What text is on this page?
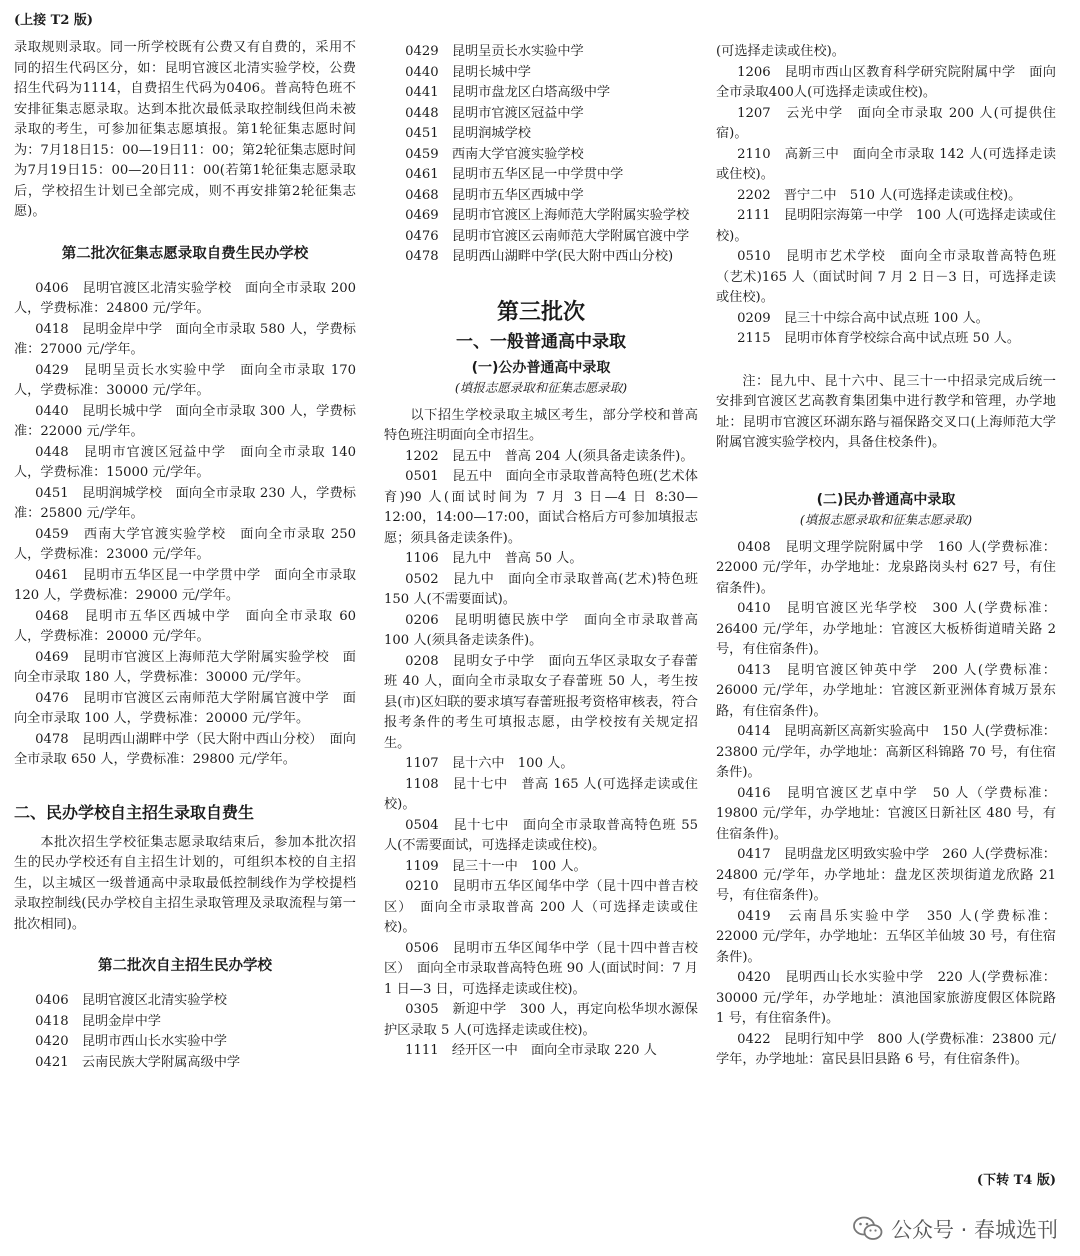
(上接 T2 版)

录取规则录取。同一所学校既有公费又有自费的，采用不同的招生代码区分，如：昆明官渡区北清实验学校，公费招生代码为1114，自费招生代码为0406。普高特色班不安排征集志愿录取。达到本批次最低录取控制线但尚未被录取的考生，可参加征集志愿填报。第1轮征集志愿时间为：7月18日15：00—19日11：00；第2轮征集志愿时间为7月19日15：00—20日11：00(若第1轮征集志愿录取后，学校招生计划已全部完成，则不再安排第2轮征集志愿)。

第二批次征集志愿录取自费生民办学校

0406　昆明官渡区北清实验学校　面向全市录取 200 人，学费标准：24800 元/学年。

0418　昆明金岸中学　面向全市录取 580 人，学费标准：27000 元/学年。

0429　昆明呈贡长水实验中学　面向全市录取 170 人，学费标准：30000 元/学年。

0440　昆明长城中学　面向全市录取 300 人，学费标准：22000 元/学年。

0448　昆明市官渡区冠益中学　面向全市录取 140 人，学费标准：15000 元/学年。

0451　昆明润城学校　面向全市录取 230 人，学费标准：25800 元/学年。

0459　西南大学官渡实验学校　面向全市录取 250 人，学费标准：23000 元/学年。

0461　昆明市五华区昆一中学贯中学　面向全市录取 120 人，学费标准：29000 元/学年。

0468　昆明市五华区西城中学　面向全市录取 60 人，学费标准：20000 元/学年。

0469　昆明市官渡区上海师范大学附属实验学校　面向全市录取 180 人，学费标准：30000 元/学年。

0476　昆明市官渡区云南师范大学附属官渡中学　面向全市录取 100 人，学费标准：20000 元/学年。

0478　昆明西山湖畔中学（民大附中西山分校）　面向全市录取 650 人，学费标准：29800 元/学年。

二、民办学校自主招生录取自费生

本批次招生学校征集志愿录取结束后，参加本批次招生的民办学校还有自主招生计划的，可组织本校的自主招生，以主城区一级普通高中录取最低控制线作为学校提档录取控制线(民办学校自主招生录取管理及录取流程与第一批次相同)。

第二批次自主招生民办学校

0406　昆明官渡区北清实验学校

0418　昆明金岸中学

0420　昆明市西山长水实验中学

0421　云南民族大学附属高级中学

0429　昆明呈贡长水实验中学

0440　昆明长城中学

0441　昆明市盘龙区白塔高级中学

0448　昆明市官渡区冠益中学

0451　昆明润城学校

0459　西南大学官渡实验学校

0461　昆明市五华区昆一中学贯中学

0468　昆明市五华区西城中学

0469　昆明市官渡区上海师范大学附属实验学校

0476　昆明市官渡区云南师范大学附属官渡中学

0478　昆明西山湖畔中学(民大附中西山分校)

第三批次
一、一般普通高中录取
(一)公办普通高中录取
(填报志愿录取和征集志愿录取)

以下招生学校录取主城区考生，部分学校和普高特色班注明面向全市招生。

1202　昆五中　普高 204 人(须具备走读条件)。

0501　昆五中　面向全市录取普高特色班(艺术体育)90 人(面试时间为 7 月 3 日—4 日 8:30—12:00，14:00—17:00，面试合格后方可参加填报志愿；须具备走读条件)。

1106　昆九中　普高 50 人。

0502　昆九中　面向全市录取普高(艺术)特色班 150 人(不需要面试)。

0206　昆明明德民族中学　面向全市录取普高 100 人(须具备走读条件)。

0208　昆明女子中学　面向五华区录取女子春蕾班 40 人，面向全市录取女子春蕾班 50 人，考生按县(市)区妇联的要求填写春蕾班报考资格审核表，符合报考条件的考生可填报志愿，由学校按有关规定招生。

1107　昆十六中　100 人。

1108　昆十七中　普高 165 人(可选择走读或住校)。

0504　昆十七中　面向全市录取普高特色班 55 人(不需要面试，可选择走读或住校)。

1109　昆三十一中　100 人。

0210　昆明市五华区闻华中学（昆十四中普吉校区）　面向全市录取普高 200 人（可选择走读或住校)。

0506　昆明市五华区闻华中学（昆十四中普吉校区）　面向全市录取普高特色班 90 人(面试时间：7 月 1 日—3 日，可选择走读或住校)。

0305　新迎中学　300 人，再定向松华坝水源保护区录取 5 人(可选择走读或住校)。

1111　经开区一中　面向全市录取 220 人

(可选择走读或住校)。

1206　昆明市西山区教育科学研究院附属中学　面向全市录取400人(可选择走读或住校)。

1207　云光中学　面向全市录取 200 人(可提供住宿)。

2110　高新三中　面向全市录取 142 人(可选择走读或住校)。

2202　晋宁二中　510 人(可选择走读或住校)。

2111　昆明阳宗海第一中学　100 人(可选择走读或住校)。

0510　昆明市艺术学校　面向全市录取普高特色班（艺术)165 人（面试时间 7 月 2 日－3 日，可选择走读或住校)。

0209　昆三十中综合高中试点班 100 人。

2115　昆明市体育学校综合高中试点班 50 人。

注：昆九中、昆十六中、昆三十一中招录完成后统一安排到官渡区艺高教育集团集中进行教学和管理，办学地址：昆明市官渡区环湖东路与福保路交叉口(上海师范大学附属官渡实验学校内，具备住校条件)。

(二)民办普通高中录取
(填报志愿录取和征集志愿录取)

0408　昆明文理学院附属中学　160 人(学费标准：22000 元/学年，办学地址：龙泉路岗头村 627 号，有住宿条件)。

0410　昆明官渡区光华学校　300 人(学费标准：26400 元/学年，办学地址：官渡区大板桥街道晴关路 2 号，有住宿条件)。

0413　昆明官渡区钟英中学　200 人(学费标准：26000 元/学年，办学地址：官渡区新亚洲体育城万景东路，有住宿条件)。

0414　昆明高新区高新实验高中　150 人(学费标准：23800 元/学年，办学地址：高新区科锦路 70 号，有住宿条件)。

0416　昆明官渡区艺卓中学　50 人（学费标准：19800 元/学年，办学地址：官渡区日新社区 480 号，有住宿条件)。

0417　昆明盘龙区明致实验中学　260 人(学费标准：24800 元/学年，办学地址：盘龙区茨坝街道龙欣路 21 号，有住宿条件)。

0419　云南昌乐实验中学　350 人(学费标准：22000 元/学年，办学地址：五华区羊仙坡 30 号，有住宿条件)。

0420　昆明西山长水实验中学　220 人(学费标准：30000 元/学年，办学地址：滇池国家旅游度假区体院路 1 号，有住宿条件)。

0422　昆明行知中学　800 人(学费标准：23800 元/学年，办学地址：富民县旧县路 6 号，有住宿条件)。

(下转 T4 版)
公众号 · 春城选刊
